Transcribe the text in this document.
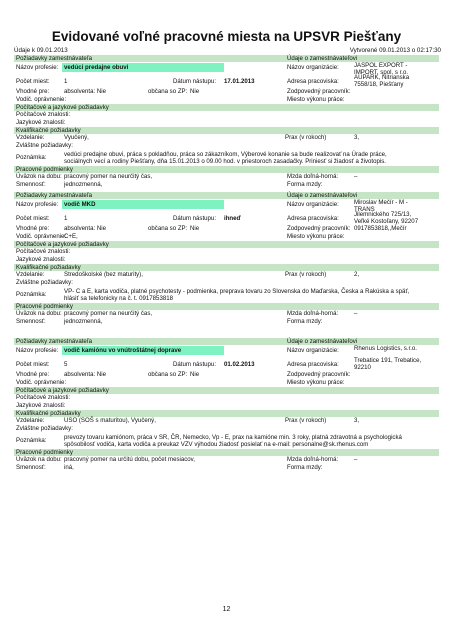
Evidované voľné pracovné miesta na UPSVR Piešťany
Údaje k 09.01.2013	Vytvorené 09.01.2013 o 02:17:30
Požiadavky zamestnávateľa	Údaje o zamestnávateľovi
Názov profesie: vedúci predajne obuvi	Názov organizácie: JASPOL EXPORT -
IMPORT, spol. s r.o.
Počet miest: 1	Dátum nástupu: 17.01.2013	Adresa pracoviska:
AUPARK, Nitrianska
7558/18, Piešťany
Vhodné pre: absolventa: Nie	občana so ZP: Nie	Zodpovedný pracovník:
Vodič. oprávnenie:	Miesto výkonu práce:
Počítačové a jazykové požiadavky
Počítačové znalosti:
Jazykové znalosti:
Kvalifikačné požiadavky
Vzdelanie:	Vyučený,	Prax (v rokoch)	3,
Zvláštne požiadavky:
Poznámka:	vedúci predajne obuvi, práca s pokladňou, práca so zákazníkom, Výberové konanie sa bude realizovať na Úrade práce,
sociálnych vecí a rodiny Piešťany, dňa 15.01.2013 o 09.00 hod. v priestoroch zasadačky. Priniesť si žiadosť a životopis.
Pracovné podmienky
Úväzok na dobu: pracovný pomer na neurčitý čas,	Mzda doľná-horná:	–
Smennosť:	jednozmenná,	Forma mzdy:
Požiadavky zamestnávateľa	Údaje o zamestnávateľovi
Názov profesie: vodič MKD	Názov organizácie: Miroslav Mečír - M -
TRANS
Počet miest: 1	Dátum nástupu: ihneď	Adresa pracoviska:
Jilemnického 725/13,
Veľké Kostoľany, 92207
Vhodné pre: absolventa: Nie	občana so ZP: Nie	Zodpovedný pracovník: 0917853818,,Mečír
Vodič. oprávnenie:
C+E,	Miesto výkonu práce:
Počítačové a jazykové požiadavky
Počítačové znalosti:
Jazykové znalosti:
Kvalifikačné požiadavky
Vzdelanie:	Stredoškolské (bez maturity),	Prax (v rokoch)	2,
Zvláštne požiadavky:
Poznámka:	VP- C a E, karta vodiča, platné psychotesty - podmienka, preprava tovaru zo Slovenska do Maďarska, Česka a Rakúska a späť,
hlásiť sa telefonicky na č. t. 0917853818
Pracovné podmienky
Úväzok na dobu: pracovný pomer na neurčitý čas,	Mzda doľná-horná:	–
Smennosť:	jednozmenná,	Forma mzdy:
Požiadavky zamestnávateľa	Údaje o zamestnávateľovi
Názov profesie: vodič kamiónu vo vnútroštátnej doprave	Názov organizácie: Rhenus Logistics, s.r.o.
Počet miest: 5	Dátum nástupu: 01.02.2013	Adresa pracoviska:
Trebatice 191, Trebatice,
92210
Vhodné pre: absolventa: Nie	občana so ZP: Nie	Zodpovedný pracovník:
Vodič. oprávnenie:	Miesto výkonu práce:
Počítačové a jazykové požiadavky
Počítačové znalosti:
Jazykové znalosti:
Kvalifikačné požiadavky
Vzdelanie:	USO (SOŠ s maturitou), Vyučený,	Prax (v rokoch)	3,
Zvláštne požiadavky:
Poznámka:	prevozy tovaru kamiónom, práca v SR, ČR, Nemecko, Vp - E, prax na kamióne min. 3 roky, platná zdravotná a psychologická
spôsobilosť vodiča, karta vodiča a preukaz VZV výhodou žiadosť posielať na e-mail: personalne@sk.rhenus.com
Pracovné podmienky
Úväzok na dobu: pracovný pomer na určitú dobu, počet mesiacov,	Mzda doľná-horná:	–
Smennosť:	iná,	Forma mzdy:
12
